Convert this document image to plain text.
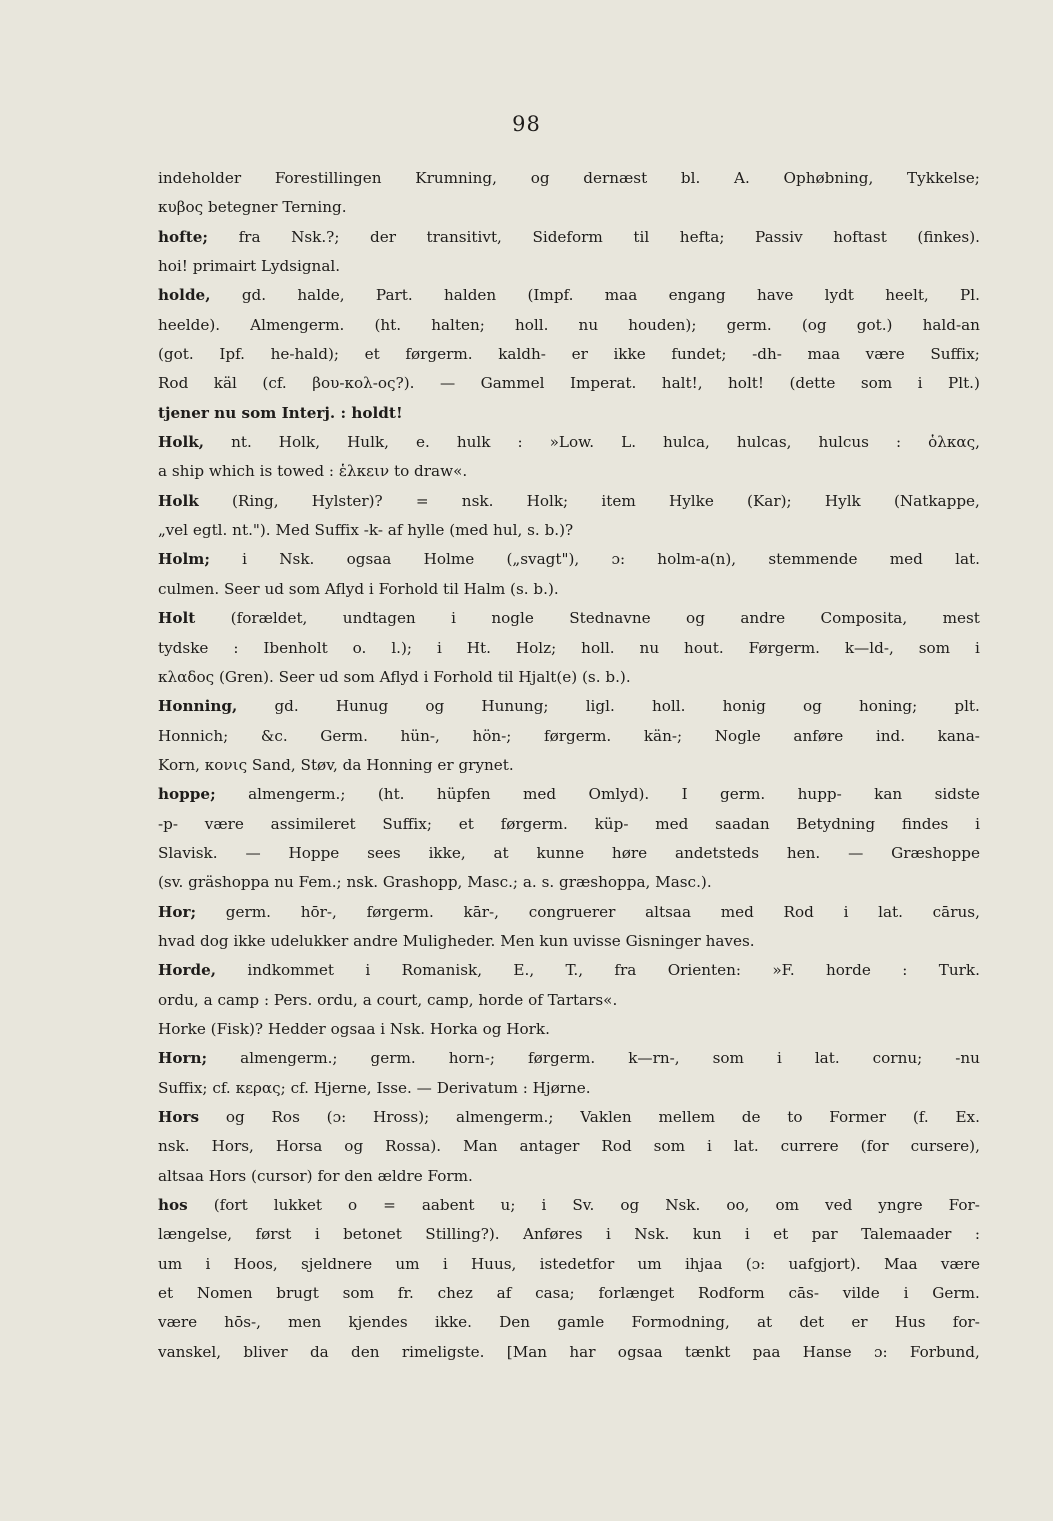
98
indeholder Forestillingen Krumning, og dernæst bl. A. Ophøbning, Tykkelse;
κυβος betegner Terning.
hofte; fra Nsk.?; der transitivt, Sideform til hefta; Passiv hoftast (finkes).
hoi! primairt Lydsignal.
holde, gd. halde, Part. halden (Impf. maa engang have lydt heelt, Pl.
heelde). Almengerm. (ht. halten; holl. nu houden); germ. (og got.) hald-an
(got. Ipf. he-hald); et førgerm. kaldh- er ikke fundet; -dh- maa være Suffix;
Rod käl (cf. βου-κολ-ος?). — Gammel Imperat. halt!, holt! (dette som i Plt.)
tjener nu som Interj. : holdt!
Holk, nt. Holk, Hulk, e. hulk : »Low. L. hulca, hulcas, hulcus : ὁλκας,
a ship which is towed : ἑλκειν to draw«.
Holk (Ring, Hylster)? = nsk. Holk; item Hylke (Kar); Hylk (Natkappe,
„vel egtl. nt."). Med Suffix -k- af hylle (med hul, s. b.)?
Holm; i Nsk. ogsaa Holme („svagt"), ɔ: holm-a(n), stemmende med lat.
culmen. Seer ud som Aflyd i Forhold til Halm (s. b.).
Holt (forældet, undtagen i nogle Stednavne og andre Compositа, mest
tydske : Ibenholt o. l.); i Ht. Holz; holl. nu hout. Førgerm. k—ld-, som i
κλαδος (Gren). Seer ud som Aflyd i Forhold til Hjalt(e) (s. b.).
Honning, gd. Hunug og Hunung; ligl. holl. honig og honing; plt.
Honnich; &c. Germ. hün-, hön-; førgerm. kän-; Nogle anføre ind. kana-
Korn, κονις Sand, Støv, da Honning er grynet.
hoppe; almengerm.; (ht. hüpfen med Omlyd). I germ. hupp- kan sidste
-p- være assimileret Suffix; et førgerm. küp- med saadan Betydning findes i
Slavisk. — Hoppe sees ikke, at kunne høre andetsteds hen. — Græshoppe
(sv. gräshoppa nu Fem.; nsk. Grashopp, Masc.; a. s. græshoppa, Masc.).
Hor; germ. hōr-, førgerm. kār-, congruerer altsaa med Rod i lat. cārus,
hvad dog ikke udelukker andre Muligheder. Men kun uvisse Gisninger haves.
Horde, indkommet i Romanisk, E., T., fra Orienten: »F. horde : Turk.
ordu, a camp : Pers. ordu, a court, camp, horde of Tartars«.
Horke (Fisk)? Hedder ogsaa i Nsk. Horka og Hork.
Horn; almengerm.; germ. horn-; førgerm. k—rn-, som i lat. cornu; -nu
Suffix; cf. κερας; cf. Hjerne, Isse. — Derivatum : Hjørne.
Hors og Ros (ɔ: Hross); almengerm.; Vaklen mellem de to Former (f. Ex.
nsk. Hors, Horsa og Rossa). Man antager Rod som i lat. currere (for cursere),
altsaa Hors (cursor) for den ældre Form.
hos (fort lukket o = aabent u; i Sv. og Nsk. oo, om ved yngre For-
længelse, først i betonet Stilling?). Anføres i Nsk. kun i et par Talemaader :
um i Hoos, sjeldnere um i Huus, istedetfor um ihjaa (ɔ: uafgjort). Maa være
et Nomen brugt som fr. chez af casa; forlænget Rodform cās- vilde i Germ.
være hōs-, men kjendes ikke. Den gamle Formodning, at det er Hus for-
vanskel, bliver da den rimeligste. [Man har ogsaa tænkt paa Hanse ɔ: Forbund,
